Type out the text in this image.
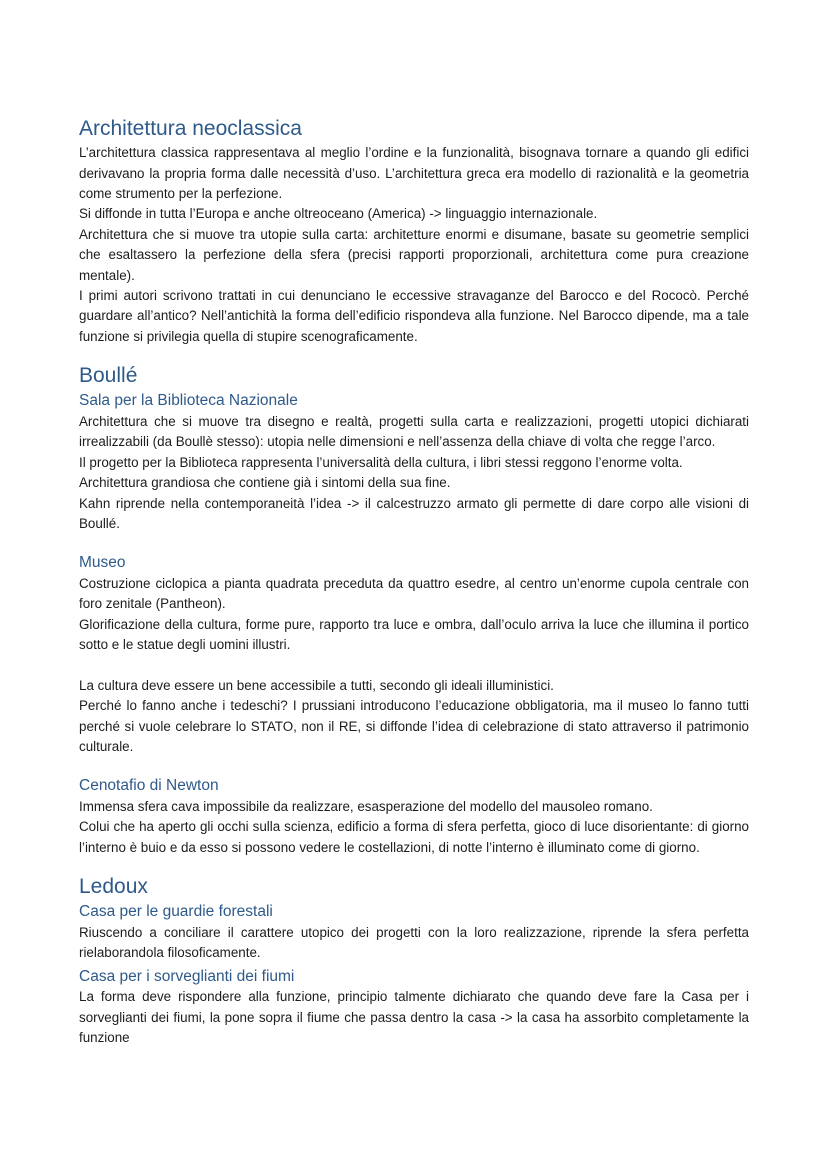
Architettura neoclassica

L’architettura classica rappresentava al meglio l’ordine e la funzionalità, bisognava tornare a quando gli edifici derivavano la propria forma dalle necessità d’uso. L’architettura greca era modello di razionalità e la geometria come strumento per la perfezione.

Si diffonde in tutta l’Europa e anche oltreoceano (America) -> linguaggio internazionale.

Architettura che si muove tra utopie sulla carta: architetture enormi e disumane, basate su geometrie semplici che esaltassero la perfezione della sfera (precisi rapporti proporzionali, architettura come pura creazione mentale).

I primi autori scrivono trattati in cui denunciano le eccessive stravaganze del Barocco e del Rococò. Perché guardare all’antico? Nell’antichità la forma dell’edificio rispondeva alla funzione. Nel Barocco dipende, ma a tale funzione si privilegia quella di stupire scenograficamente.

Boullé
Sala per la Biblioteca Nazionale

Architettura che si muove tra disegno e realtà, progetti sulla carta e realizzazioni, progetti utopici dichiarati irrealizzabili (da Boullè stesso): utopia nelle dimensioni e nell’assenza della chiave di volta che regge l’arco.

Il progetto per la Biblioteca rappresenta l’universalità della cultura, i libri stessi reggono l’enorme volta.

Architettura grandiosa che contiene già i sintomi della sua fine.

Kahn riprende nella contemporaneità l’idea -> il calcestruzzo armato gli permette di dare corpo alle visioni di Boullé.

Museo

Costruzione ciclopica a pianta quadrata preceduta da quattro esedre, al centro un’enorme cupola centrale con foro zenitale (Pantheon).

Glorificazione della cultura, forme pure, rapporto tra luce e ombra, dall’oculo arriva la luce che illumina il portico sotto e le statue degli uomini illustri.

La cultura deve essere un bene accessibile a tutti, secondo gli ideali illuministici.

Perché lo fanno anche i tedeschi? I prussiani introducono l’educazione obbligatoria, ma il museo lo fanno tutti perché si vuole celebrare lo STATO, non il RE, si diffonde l’idea di celebrazione di stato attraverso il patrimonio culturale.

Cenotafio di Newton

Immensa sfera cava impossibile da realizzare, esasperazione del modello del mausoleo romano.

Colui che ha aperto gli occhi sulla scienza, edificio a forma di sfera perfetta, gioco di luce disorientante: di giorno l’interno è buio e da esso si possono vedere le costellazioni, di notte l’interno è illuminato come di giorno.

Ledoux
Casa per le guardie forestali

Riuscendo a conciliare il carattere utopico dei progetti con la loro realizzazione, riprende la sfera perfetta rielaborandola filosoficamente.

Casa per i sorveglianti dei fiumi

La forma deve rispondere alla funzione, principio talmente dichiarato che quando deve fare la Casa per i sorveglianti dei fiumi, la pone sopra il fiume che passa dentro la casa -> la casa ha assorbito completamente la funzione
